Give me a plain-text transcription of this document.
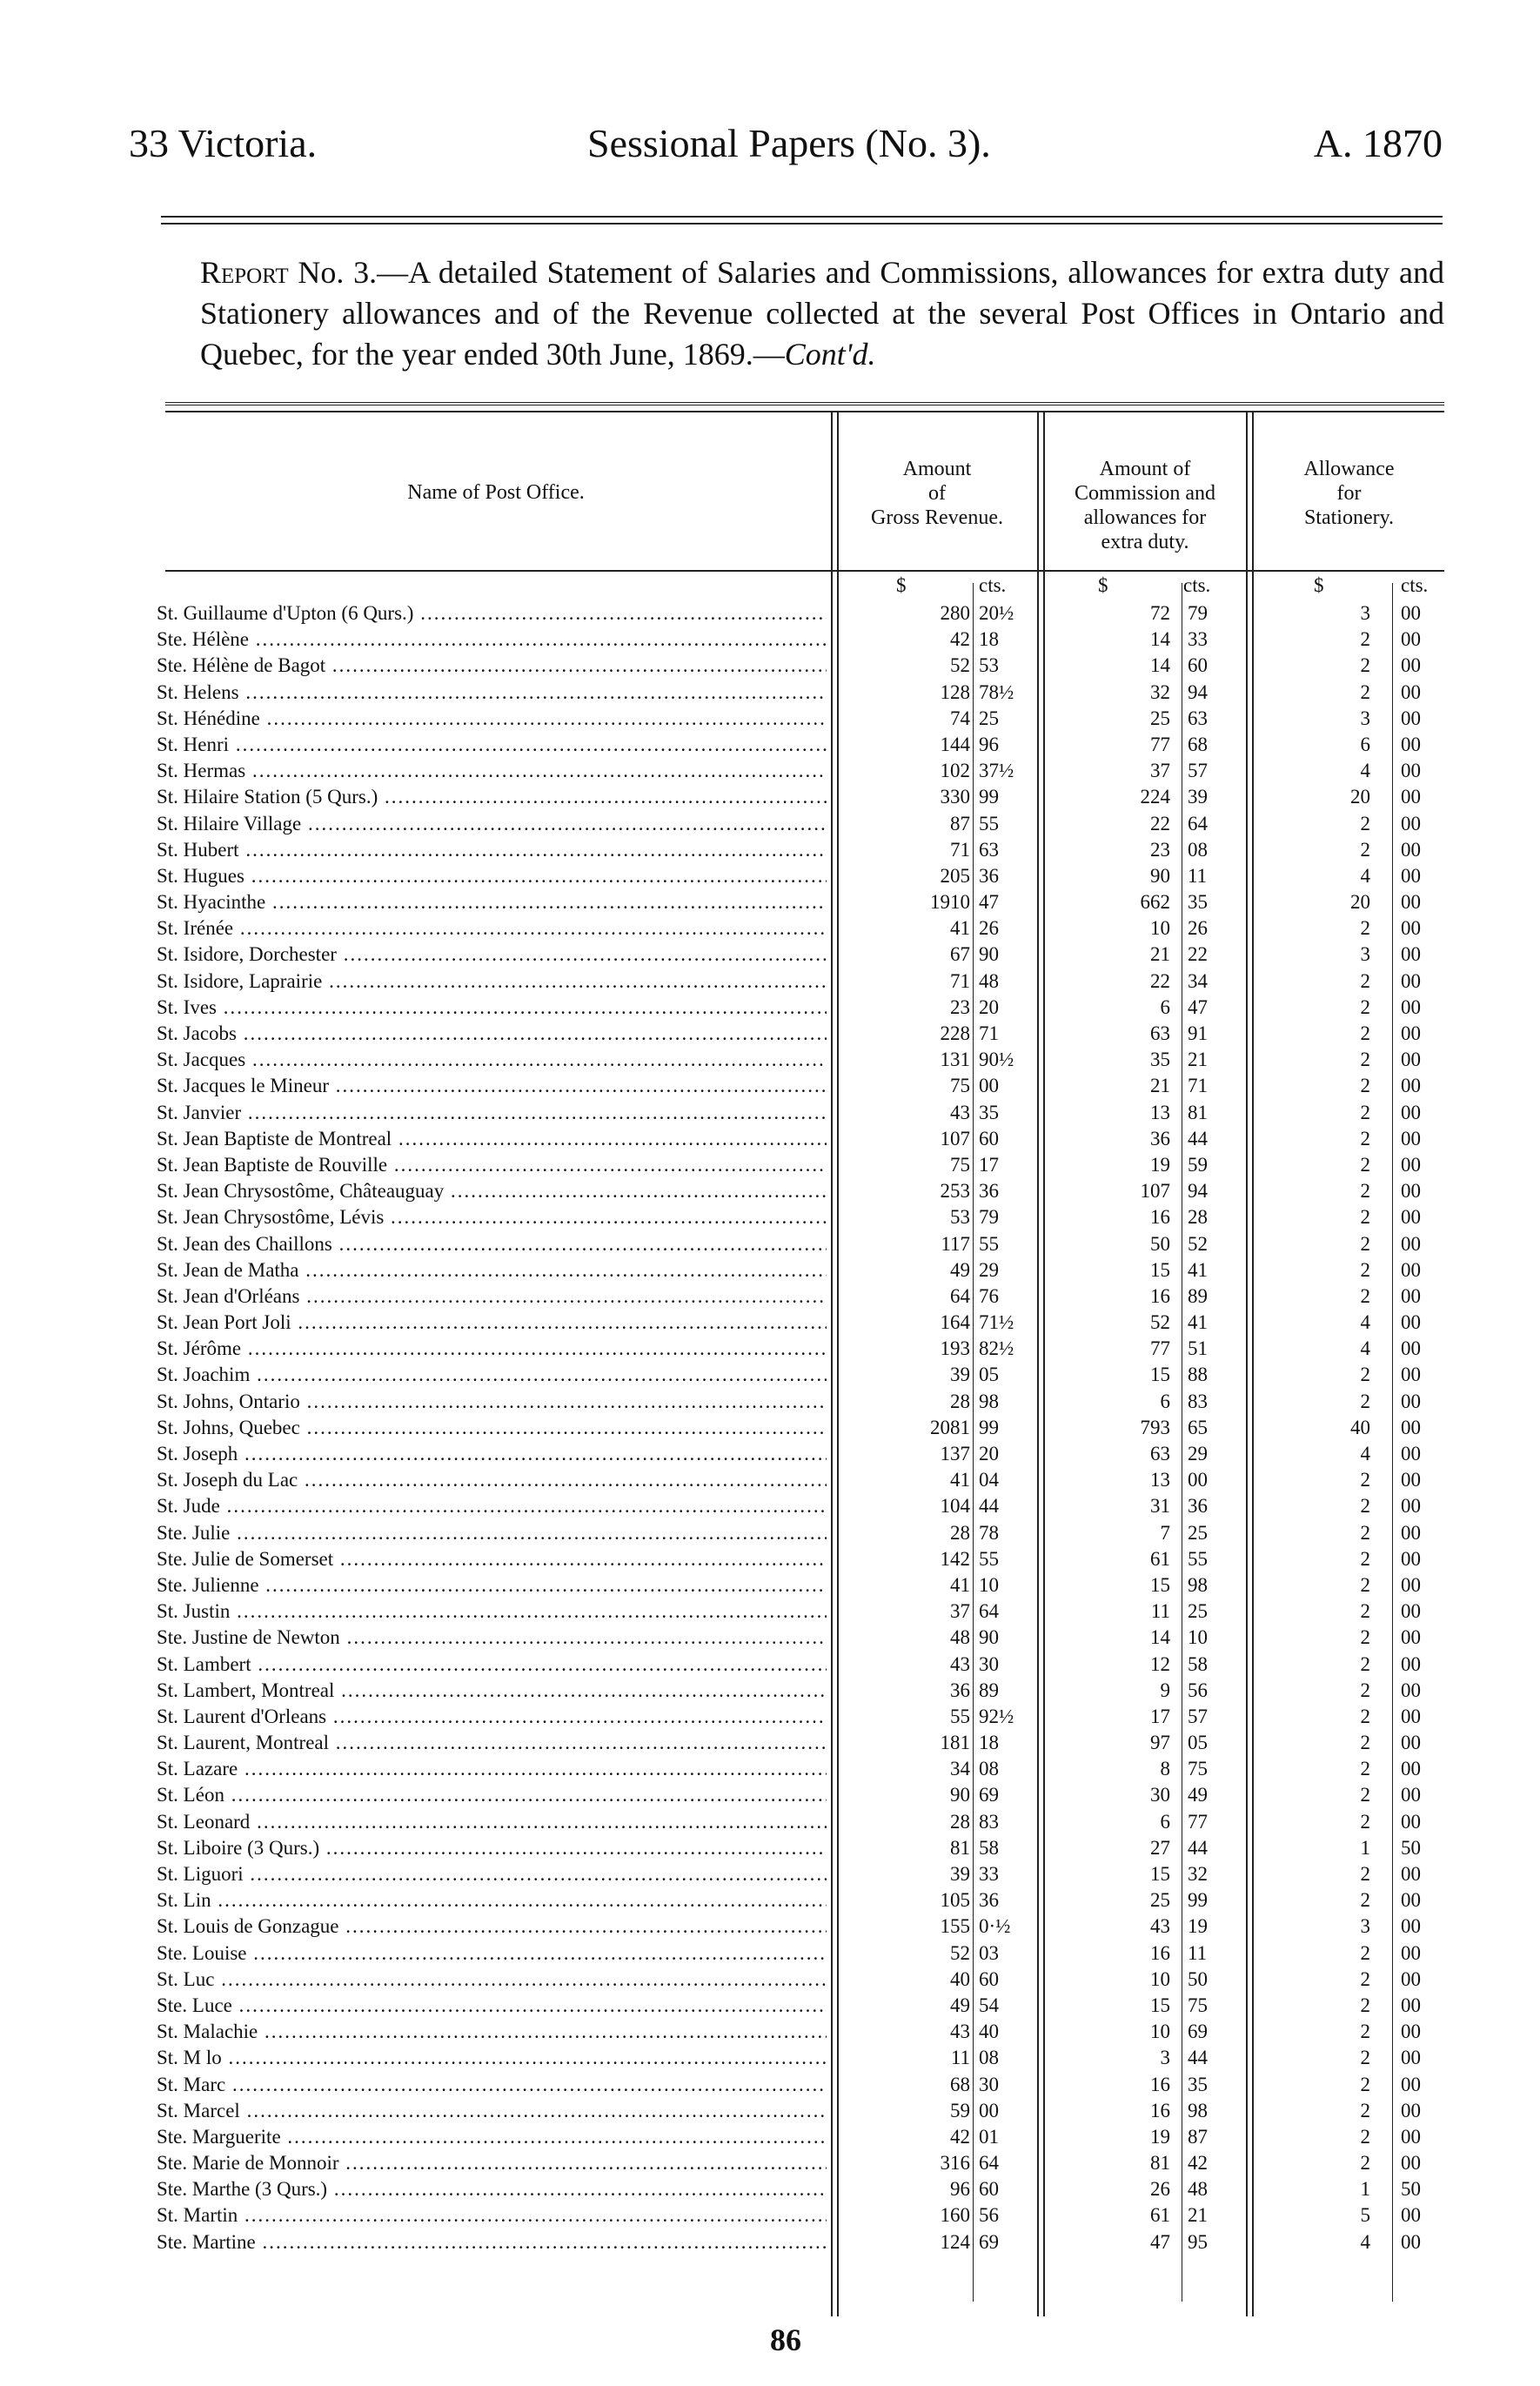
33 Victoria.	Sessional Papers (No. 3).	A. 1870
Report No. 3.—A detailed Statement of Salaries and Commissions, allowances for extra duty and Stationery allowances and of the Revenue collected at the several Post Offices in Ontario and Quebec, for the year ended 30th June, 1869.—Cont'd.
Name of Post Office.
Amount
of
Gross Revenue.
Amount of
Commission and
allowances for
extra duty.
Allowance
for
Stationery.
$	cts.	$	cts.	$	cts.
St. Guillaume d'Upton (6 Qurs.) .....	280 20½	72 79	3 00
Ste. Hélène .....	42 18	14 33	2 00
Ste. Hélène de Bagot .....	52 53	14 60	2 00
St. Helens .....	128 78½	32 94	2 00
St. Hénédine .....	74 25	25 63	3 00
St. Henri .....	144 96	77 68	6 00
St. Hermas .....	102 37½	37 57	4 00
St. Hilaire Station (5 Qurs.) .....	330 99	224 39	20 00
St. Hilaire Village .....	87 55	22 64	2 00
St. Hubert .....	71 63	23 08	2 00
St. Hugues .....	205 36	90 11	4 00
St. Hyacinthe .....	1910 47	662 35	20 00
St. Irénée .....	41 26	10 26	2 00
St. Isidore, Dorchester .....	67 90	21 22	3 00
St. Isidore, Laprairie .....	71 48	22 34	2 00
St. Ives .....	23 20	6 47	2 00
St. Jacobs .....	228 71	63 91	2 00
St. Jacques .....	131 90½	35 21	2 00
St. Jacques le Mineur .....	75 00	21 71	2 00
St. Janvier .....	43 35	13 81	2 00
St. Jean Baptiste de Montreal .....	107 60	36 44	2 00
St. Jean Baptiste de Rouville .....	75 17	19 59	2 00
St. Jean Chrysostôme, Châteauguay .....	253 36	107 94	2 00
St. Jean Chrysostôme, Lévis .....	53 79	16 28	2 00
St. Jean des Chaillons .....	117 55	50 52	2 00
St. Jean de Matha .....	49 29	15 41	2 00
St. Jean d'Orléans .....	64 76	16 89	2 00
St. Jean Port Joli .....	164 71½	52 41	4 00
St. Jérôme .....	193 82½	77 51	4 00
St. Joachim .....	39 05	15 88	2 00
St. Johns, Ontario .....	28 98	6 83	2 00
St. Johns, Quebec .....	2081 99	793 65	40 00
St. Joseph .....	137 20	63 29	4 00
St. Joseph du Lac .....	41 04	13 00	2 00
St. Jude .....	104 44	31 36	2 00
Ste. Julie .....	28 78	7 25	2 00
Ste. Julie de Somerset .....	142 55	61 55	2 00
Ste. Julienne .....	41 10	15 98	2 00
St. Justin .....	37 64	11 25	2 00
Ste. Justine de Newton .....	48 90	14 10	2 00
St. Lambert .....	43 30	12 58	2 00
St. Lambert, Montreal .....	36 89	9 56	2 00
St. Laurent d'Orleans .....	55 92½	17 57	2 00
St. Laurent, Montreal .....	181 18	97 05	2 00
St. Lazare .....	34 08	8 75	2 00
St. Léon .....	90 69	30 49	2 00
St. Leonard .....	28 83	6 77	2 00
St. Liboire (3 Qurs.) .....	81 58	27 44	1 50
St. Liguori .....	39 33	15 32	2 00
St. Lin .....	105 36	25 99	2 00
St. Louis de Gonzague .....	155 0·½	43 19	3 00
Ste. Louise .....	52 03	16 11	2 00
St. Luc .....	40 60	10 50	2 00
Ste. Luce .....	49 54	15 75	2 00
St. Malachie .....	43 40	10 69	2 00
St. M lo .....	11 08	3 44	2 00
St. Marc .....	68 30	16 35	2 00
St. Marcel .....	59 00	16 98	2 00
Ste. Marguerite .....	42 01	19 87	2 00
Ste. Marie de Monnoir .....	316 64	81 42	2 00
Ste. Marthe (3 Qurs.) .....	96 60	26 48	1 50
St. Martin .....	160 56	61 21	5 00
Ste. Martine .....	124 69	47 95	4 00
86
